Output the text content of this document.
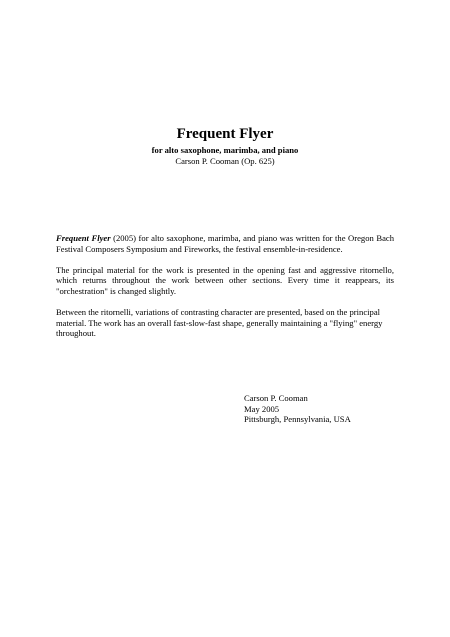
Frequent Flyer
for alto saxophone, marimba, and piano
Carson P. Cooman (Op. 625)

Frequent Flyer (2005) for alto saxophone, marimba, and piano was written for the Oregon Bach Festival Composers Symposium and Fireworks, the festival ensemble-in-residence.

The principal material for the work is presented in the opening fast and aggressive ritornello, which returns throughout the work between other sections. Every time it reappears, its "orchestration" is changed slightly.

Between the ritornelli, variations of contrasting character are presented, based on the principal material. The work has an overall fast-slow-fast shape, generally maintaining a "flying" energy throughout.

Carson P. Cooman
May 2005
Pittsburgh, Pennsylvania, USA
